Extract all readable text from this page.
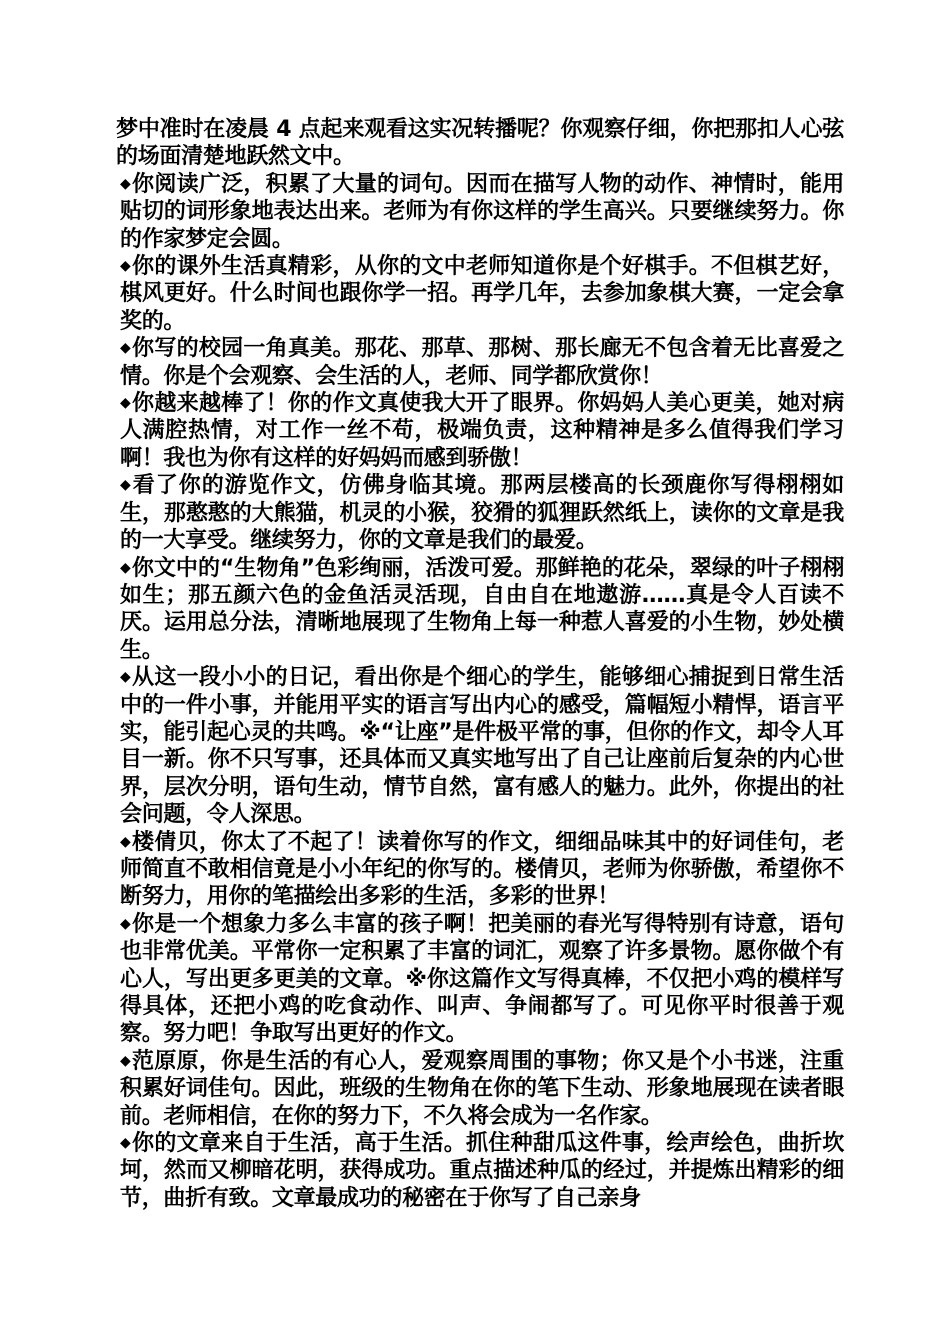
梦中准时在凌晨 4 点起来观看这实况转播呢？你观察仔细，你把那扣人心弦的场面清楚地跃然文中。

◆你阅读广泛，积累了大量的词句。因而在描写人物的动作、神情时，能用贴切的词形象地表达出来。老师为有你这样的学生高兴。只要继续努力。你的作家梦定会圆。

◆你的课外生活真精彩，从你的文中老师知道你是个好棋手。不但棋艺好，棋风更好。什么时间也跟你学一招。再学几年，去参加象棋大赛，一定会拿奖的。

◆你写的校园一角真美。那花、那草、那树、那长廊无不包含着无比喜爱之情。你是个会观察、会生活的人，老师、同学都欣赏你！

◆你越来越棒了！你的作文真使我大开了眼界。你妈妈人美心更美，她对病人满腔热情，对工作一丝不苟，极端负责，这种精神是多么值得我们学习啊！我也为你有这样的好妈妈而感到骄傲！

◆看了你的游览作文，仿佛身临其境。那两层楼高的长颈鹿你写得栩栩如生，那憨憨的大熊猫，机灵的小猴，狡猾的狐狸跃然纸上，读你的文章是我的一大享受。继续努力，你的文章是我们的最爱。

◆你文中的“生物角”色彩绚丽，活泼可爱。那鲜艳的花朵，翠绿的叶子栩栩如生；那五颜六色的金鱼活灵活现，自由自在地遨游……真是令人百读不厌。运用总分法，清晰地展现了生物角上每一种惹人喜爱的小生物，妙处横生。

◆从这一段小小的日记，看出你是个细心的学生，能够细心捕捉到日常生活中的一件小事，并能用平实的语言写出内心的感受，篇幅短小精悍，语言平实，能引起心灵的共鸣。※“让座”是件极平常的事，但你的作文，却令人耳目一新。你不只写事，还具体而又真实地写出了自己让座前后复杂的内心世界，层次分明，语句生动，情节自然，富有感人的魅力。此外，你提出的社会问题，令人深思。

◆楼倩贝，你太了不起了！读着你写的作文，细细品味其中的好词佳句，老师简直不敢相信竟是小小年纪的你写的。楼倩贝，老师为你骄傲，希望你不断努力，用你的笔描绘出多彩的生活，多彩的世界！

◆你是一个想象力多么丰富的孩子啊！把美丽的春光写得特别有诗意，语句也非常优美。平常你一定积累了丰富的词汇，观察了许多景物。愿你做个有心人，写出更多更美的文章。※你这篇作文写得真棒，不仅把小鸡的模样写得具体，还把小鸡的吃食动作、叫声、争闹都写了。可见你平时很善于观察。努力吧！争取写出更好的作文。

◆范原原，你是生活的有心人，爱观察周围的事物；你又是个小书迷，注重积累好词佳句。因此，班级的生物角在你的笔下生动、形象地展现在读者眼前。老师相信，在你的努力下，不久将会成为一名作家。

◆你的文章来自于生活，高于生活。抓住种甜瓜这件事，绘声绘色，曲折坎坷，然而又柳暗花明，获得成功。重点描述种瓜的经过，并提炼出精彩的细节，曲折有致。文章最成功的秘密在于你写了自己亲身
